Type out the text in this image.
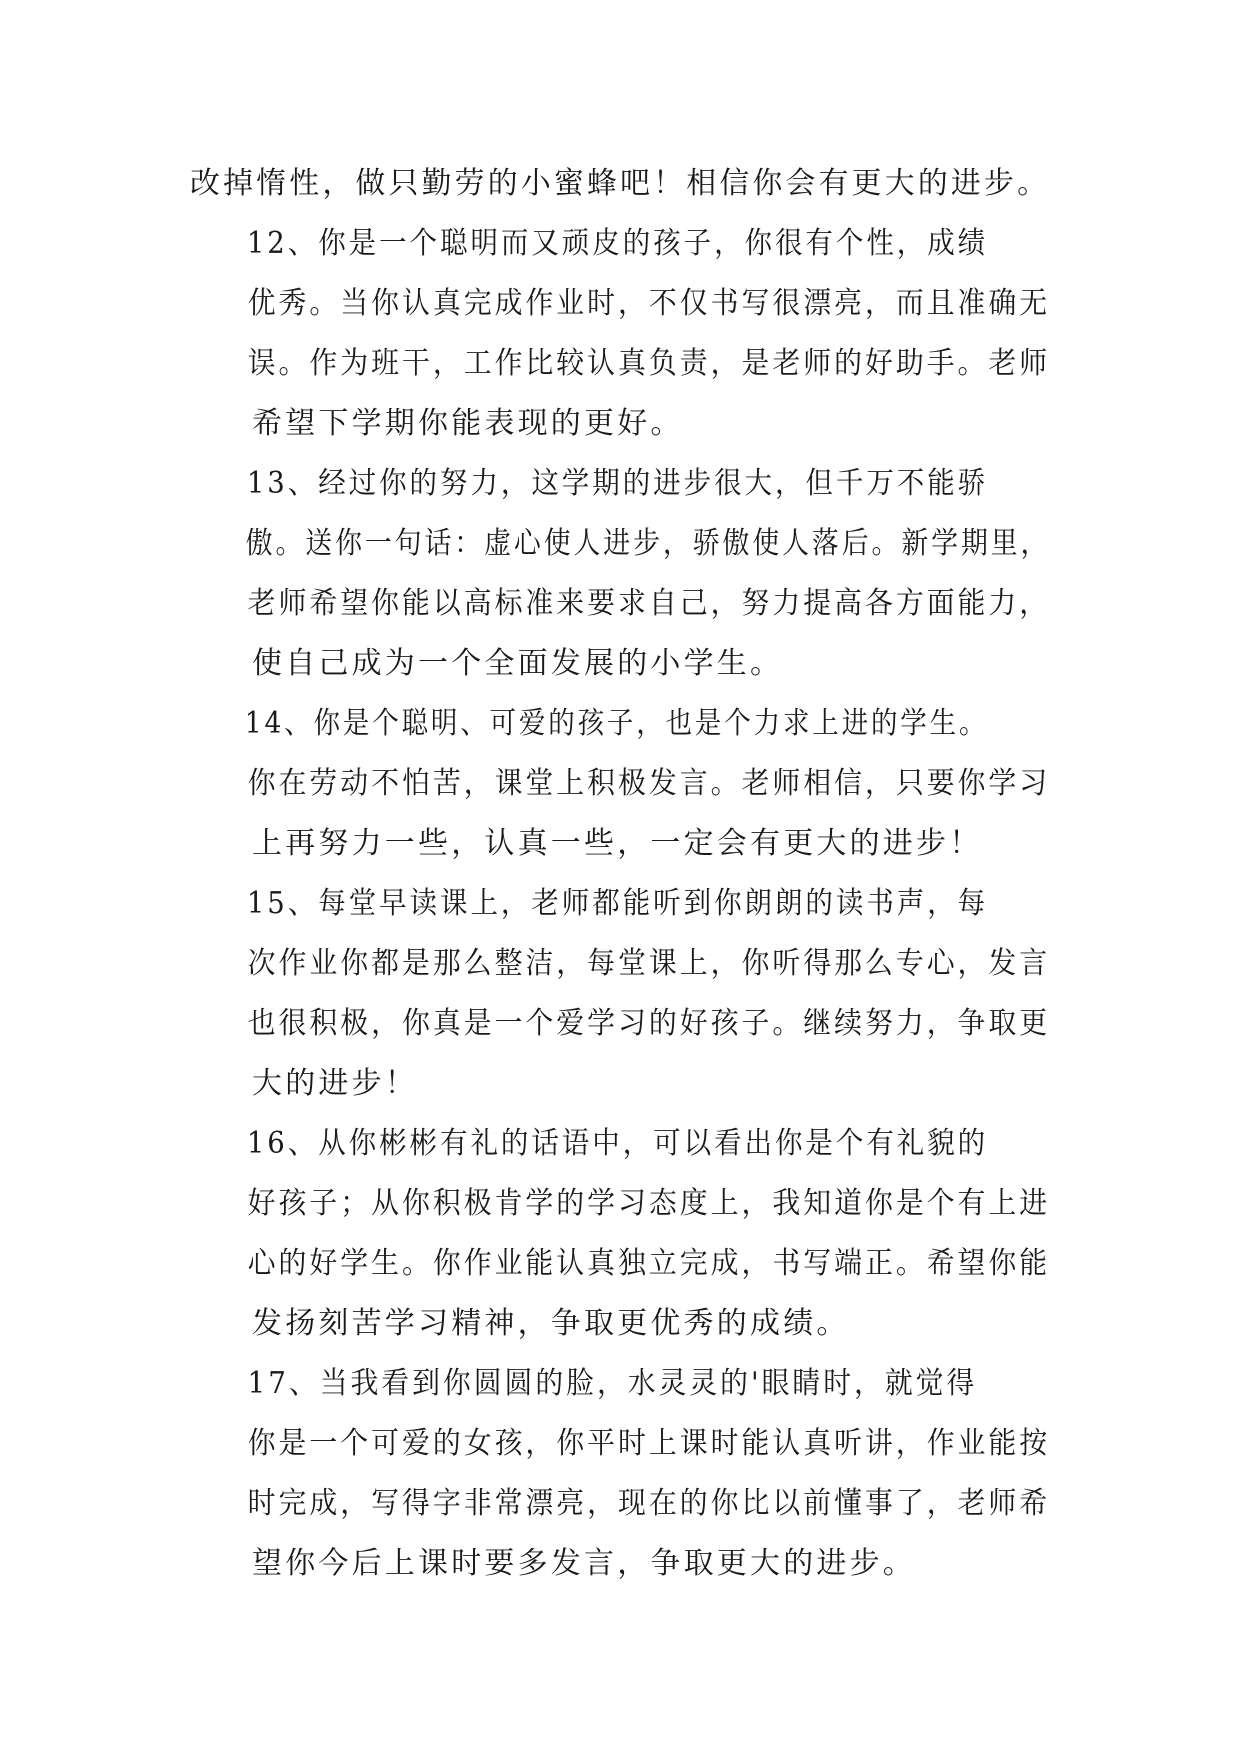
改掉惰性，做只勤劳的小蜜蜂吧！相信你会有更大的进步。

12、你是一个聪明而又顽皮的孩子，你很有个性，成绩
优秀。当你认真完成作业时，不仅书写很漂亮，而且准确无
误。作为班干，工作比较认真负责，是老师的好助手。老师
希望下学期你能表现的更好。

13、经过你的努力，这学期的进步很大，但千万不能骄
傲。送你一句话：虚心使人进步，骄傲使人落后。新学期里，
老师希望你能以高标准来要求自己，努力提高各方面能力，
使自己成为一个全面发展的小学生。

14、你是个聪明、可爱的孩子，也是个力求上进的学生。
你在劳动不怕苦，课堂上积极发言。老师相信，只要你学习
上再努力一些，认真一些，一定会有更大的进步！

15、每堂早读课上，老师都能听到你朗朗的读书声，每
次作业你都是那么整洁，每堂课上，你听得那么专心，发言
也很积极，你真是一个爱学习的好孩子。继续努力，争取更
大的进步！

16、从你彬彬有礼的话语中，可以看出你是个有礼貌的
好孩子；从你积极肯学的学习态度上，我知道你是个有上进
心的好学生。你作业能认真独立完成，书写端正。希望你能
发扬刻苦学习精神，争取更优秀的成绩。

17、当我看到你圆圆的脸，水灵灵的'眼睛时，就觉得
你是一个可爱的女孩，你平时上课时能认真听讲，作业能按
时完成，写得字非常漂亮，现在的你比以前懂事了，老师希
望你今后上课时要多发言，争取更大的进步。
